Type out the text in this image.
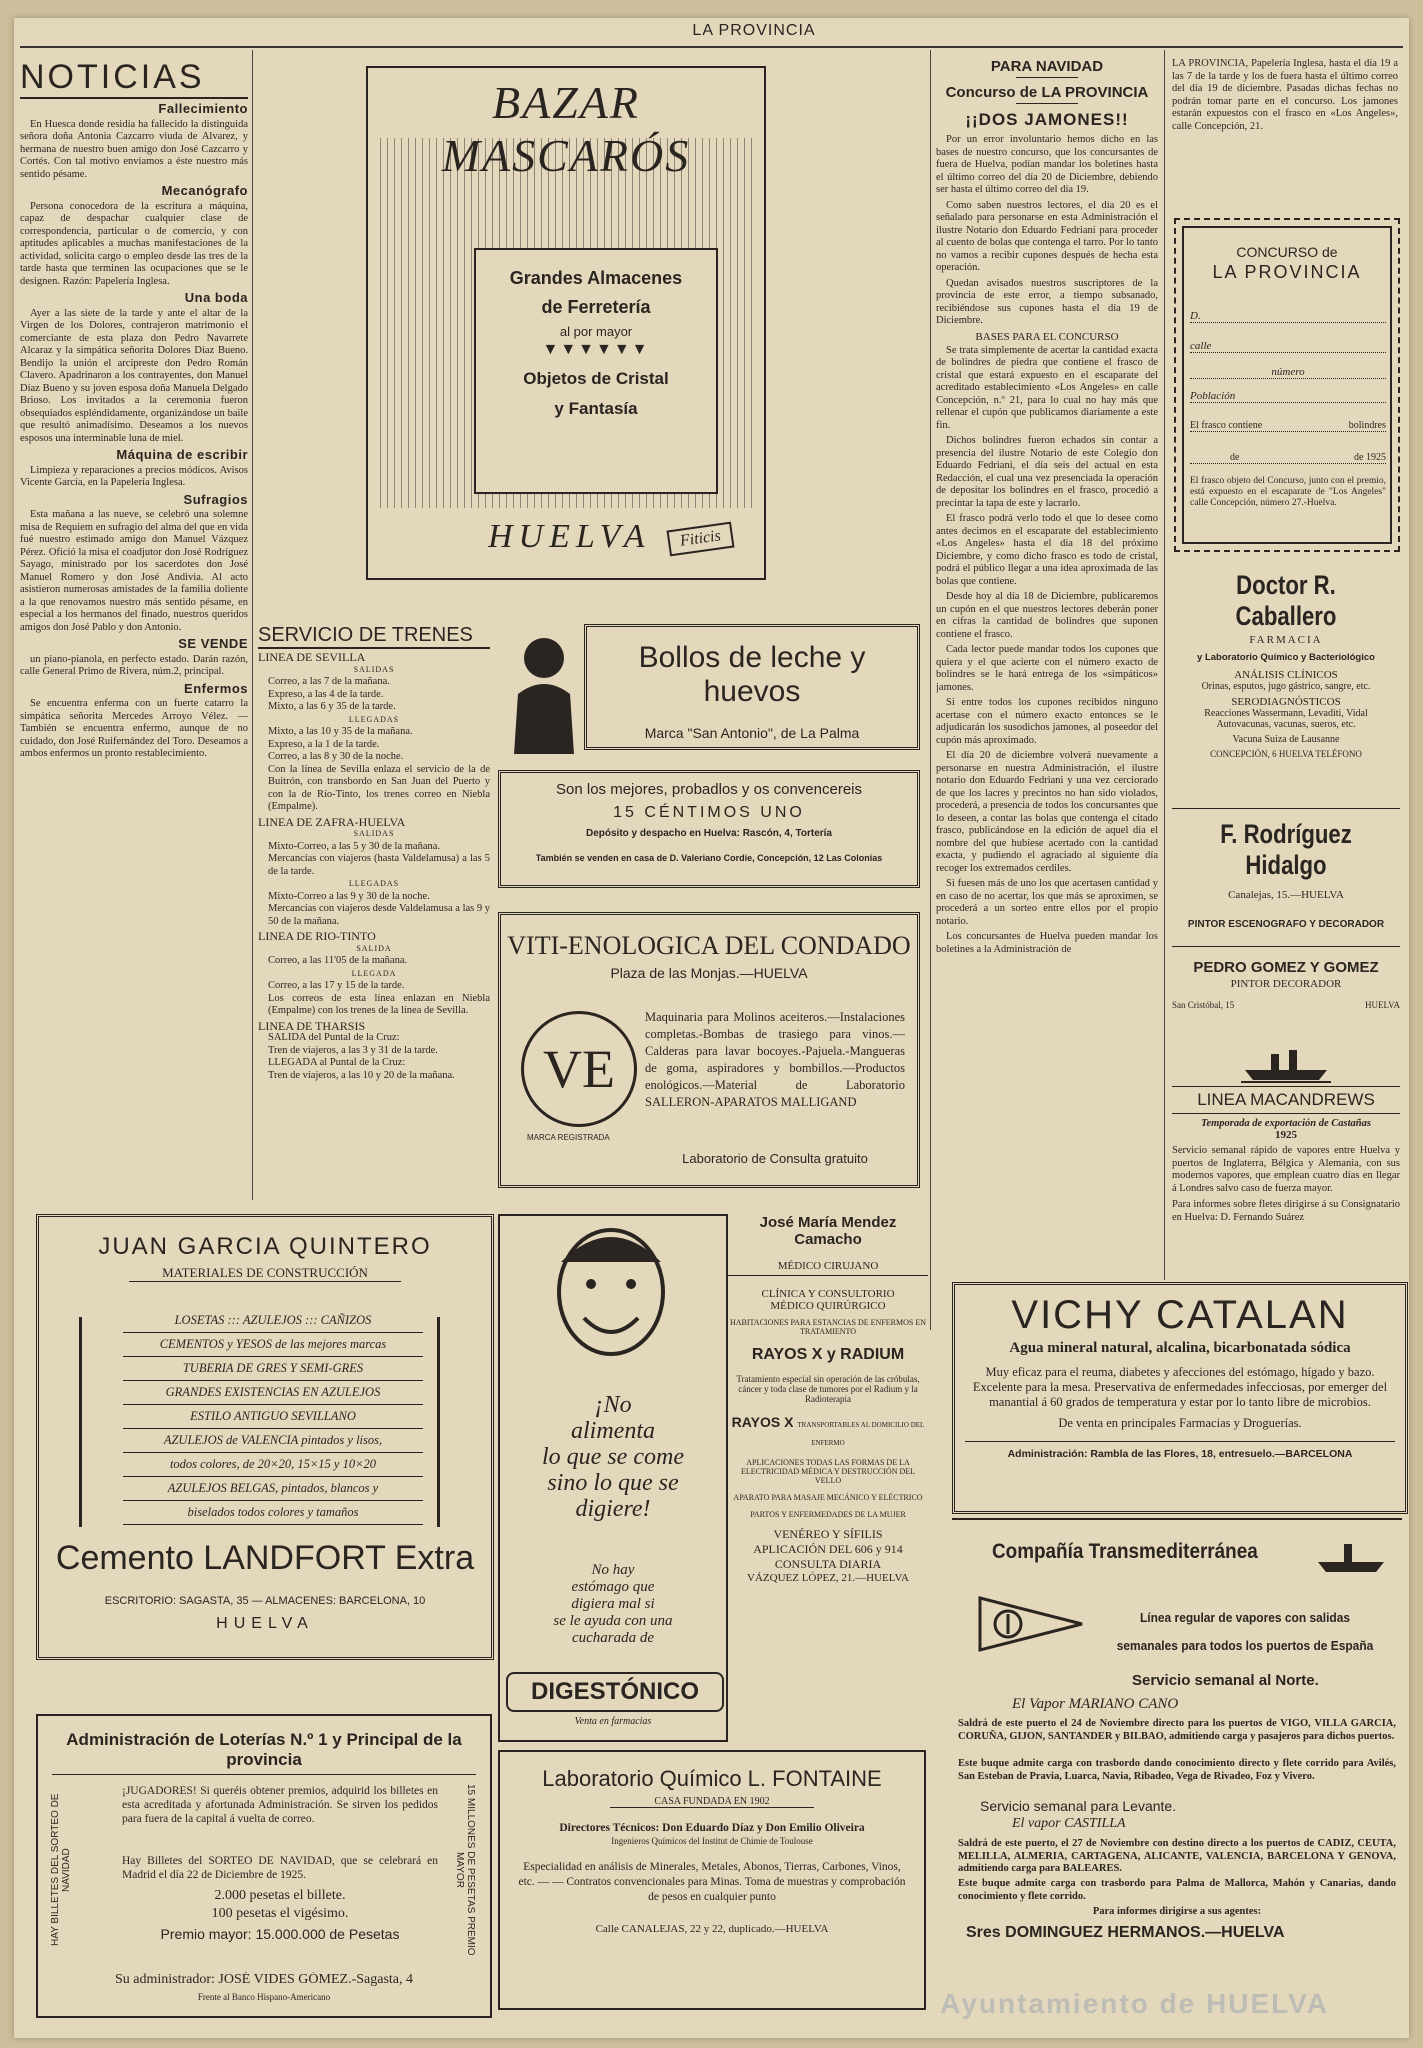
LA PROVINCIA
NOTICIAS
Fallecimiento

En Huesca donde residía ha fallecido la distinguida señora doña Antonia Cazcarro viuda de Alvarez, y hermana de nuestro buen amigo don José Cazcarro y Cortés. Con tal motivo enviamos a éste nuestro más sentido pésame.

Mecanógrafo

Persona conocedora de la escritura a máquina, capaz de despachar cualquier clase de correspondencia, particular o de comercio, y con aptitudes aplicables a muchas manifestaciones de la actividad, solicita cargo o empleo desde las tres de la tarde hasta que terminen las ocupaciones que se le designen. Razón: Papelería Inglesa.

Una boda

Ayer a las siete de la tarde y ante el altar de la Virgen de los Dolores, contrajeron matrimonio el comerciante de esta plaza don Pedro Navarrete Alcaraz y la simpática señorita Dolores Díaz Bueno. Bendijo la unión el arcipreste don Pedro Román Clavero. Apadrinaron a los contrayentes, don Manuel Díaz Bueno y su joven esposa doña Manuela Delgado Brioso. Los invitados a la ceremonia fueron obsequiados espléndidamente, organizándose un baile que resultó animadísimo. Deseamos a los nuevos esposos una interminable luna de miel.

Máquina de escribir

Limpieza y reparaciones a precios módicos. Avisos Vicente García, en la Papelería Inglesa.

Sufragios

Esta mañana a las nueve, se celebró una solemne misa de Requiem en sufragio del alma del que en vida fué nuestro estimado amigo don Manuel Vázquez Pérez. Ofició la misa el coadjutor don José Rodríguez Sayago, ministrado por los sacerdotes don José Manuel Romero y don José Andivia. Al acto asistieron numerosas amistades de la familia doliente a la que renovamos nuestro más sentido pésame, en especial a los hermanos del finado, nuestros queridos amigos don José Pablo y don Antonio.

SE VENDE

un piano-pianola, en perfecto estado. Darán razón, calle General Primo de Rivera, núm.2, principal.

Enfermos

Se encuentra enferma con un fuerte catarro la simpática señorita Mercedes Arroyo Vélez. —También se encuentra enfermo, aunque de no cuidado, don José Ruifernández del Toro. Deseamos a ambos enfermos un pronto restablecimiento.

BAZAR MASCARÓS
Grandes Almacenes
de Ferretería
al por mayor
▼▼▼▼▼▼
Objetos de Cristal
y Fantasía
HUELVA	Fiticis
SERVICIO DE TRENES
LINEA DE SEVILLA
SALIDAS
Correo, a las 7 de la mañana.
Expreso, a las 4 de la tarde.
Mixto, a las 6 y 35 de la tarde.
LLEGADAS
Mixto, a las 10 y 35 de la mañana.
Expreso, a la 1 de la tarde.
Correo, a las 8 y 30 de la noche.
Con la línea de Sevilla enlaza el servicio de la de Buitrón, con transbordo en San Juan del Puerto y con la de Río-Tinto, los trenes correo en Niebla (Empalme).
LINEA DE ZAFRA-HUELVA
SALIDAS
Mixto-Correo, a las 5 y 30 de la mañana.
Mercancías con viajeros (hasta Valdelamusa) a las 5 de la tarde.
LLEGADAS
Mixto-Correo a las 9 y 30 de la noche.
Mercancías con viajeros desde Valdelamusa a las 9 y 50 de la mañana.
LINEA DE RIO-TINTO
SALIDA
Correo, a las 11'05 de la mañana.
LLEGADA
Correo, a las 17 y 15 de la tarde.
Los correos de esta línea enlazan en Niebla (Empalme) con los trenes de la línea de Sevilla.
LINEA DE THARSIS
SALIDA del Puntal de la Cruz:
Tren de viajeros, a las 3 y 31 de la tarde.
LLEGADA al Puntal de la Cruz:
Tren de viajeros, a las 10 y 20 de la mañana.
Bollos de leche y huevos
Marca "San Antonio", de La Palma
Son los mejores, probadlos y os convencereis
15 CÉNTIMOS UNO
Depósito y despacho en Huelva: Rascón, 4, Tortería
También se venden en casa de D. Valeriano Cordie, Concepción, 12 Las Colonias
VITI-ENOLOGICA DEL CONDADO
Plaza de las Monjas.—HUELVA
VE
MARCA REGISTRADA
Maquinaria para Molinos aceiteros.—Instalaciones completas.-Bombas de trasiego para vinos.—Calderas para lavar bocoyes.-Pajuela.-Mangueras de goma, aspiradores y bombillos.—Productos enológicos.—Material de Laboratorio SALLERON-APARATOS MALLIGAND
Laboratorio de Consulta gratuito
JUAN GARCIA QUINTERO
MATERIALES DE CONSTRUCCIÓN
LOSETAS ::: AZULEJOS ::: CAÑIZOS
CEMENTOS y YESOS de las mejores marcas
TUBERIA DE GRES Y SEMI-GRES
GRANDES EXISTENCIAS EN AZULEJOS
ESTILO ANTIGUO SEVILLANO
AZULEJOS de VALENCIA pintados y lisos,
todos colores, de 20×20, 15×15 y 10×20
AZULEJOS BELGAS, pintados, blancos y
biselados todos colores y tamaños
Cemento LANDFORT Extra
ESCRITORIO: SAGASTA, 35 — ALMACENES: BARCELONA, 10
HUELVA
¡No
alimenta
lo que se come
sino lo que se
digiere!
No hay
estómago que
digiera mal si
se le ayuda con una
cucharada de
DIGESTÓNICO
Venta en farmacias
José María Mendez Camacho
MÉDICO CIRUJANO
CLÍNICA Y CONSULTORIO
MÉDICO QUIRÚRGICO
HABITACIONES PARA ESTANCIAS DE ENFERMOS EN TRATAMIENTO
RAYOS X y RADIUM
Tratamiento especial sin operación de las cróbulas, cáncer y toda clase de tumores por el Radium y la Radioterapia
RAYOS X TRANSPORTABLES AL DOMICILIO DEL ENFERMO
APLICACIONES TODAS LAS FORMAS DE LA ELECTRICIDAD MÉDICA Y DESTRUCCIÓN DEL VELLO
APARATO PARA MASAJE MECÁNICO Y ELÉCTRICO
PARTOS Y ENFERMEDADES DE LA MUJER
VENÉREO Y SÍFILIS
APLICACIÓN DEL 606 y 914
CONSULTA DIARIA
VÁZQUEZ LÓPEZ, 21.—HUELVA
Administración de Loterías N.º 1 y Principal de la provincia
HAY BILLETES DEL SORTEO DE NAVIDAD	15 MILLONES DE PESETAS PREMIO MAYOR
¡JUGADORES! Si queréis obtener premios, adquirid los billetes en esta acreditada y afortunada Administración. Se sirven los pedidos para fuera de la capital á vuelta de correo.
Hay Billetes del SORTEO DE NAVIDAD, que se celebrará en Madrid el día 22 de Diciembre de 1925.
2.000 pesetas el billete.
100 pesetas el vigésimo.
Premio mayor: 15.000.000 de Pesetas
Su administrador: JOSÉ VIDES GÓMEZ.-Sagasta, 4
Frente al Banco Hispano-Americano
Laboratorio Químico L. FONTAINE
CASA FUNDADA EN 1902
Directores Técnicos: Don Eduardo Díaz y Don Emilio Oliveira
Ingenieros Químicos del Institut de Chimie de Toulouse
Especialidad en análisis de Minerales, Metales, Abonos, Tierras, Carbones, Vinos, etc. — — Contratos convencionales para Minas. Toma de muestras y comprobación de pesos en cualquier punto
Calle CANALEJAS, 22 y 22, duplicado.—HUELVA
PARA NAVIDAD
Concurso de LA PROVINCIA
¡¡DOS JAMONES!!

Por un error involuntario hemos dicho en las bases de nuestro concurso, que los concursantes de fuera de Huelva, podían mandar los boletines hasta el último correo del día 20 de Diciembre, debiendo ser hasta el último correo del día 19.

Como saben nuestros lectores, el día 20 es el señalado para personarse en esta Administración el ilustre Notario don Eduardo Fedriani para proceder al cuento de bolas que contenga el tarro. Por lo tanto no vamos a recibir cupones después de hecha esta operación.

Quedan avisados nuestros suscriptores de la provincia de este error, a tiempo subsanado, recibiéndose sus cupones hasta el día 19 de Diciembre.

BASES PARA EL CONCURSO

Se trata simplemente de acertar la cantidad exacta de bolindres de piedra que contiene el frasco de cristal que estará expuesto en el escaparate del acreditado establecimiento «Los Angeles» en calle Concepción, n.º 21, para lo cual no hay más que rellenar el cupón que publicamos diariamente a este fin.

Dichos bolindres fueron echados sin contar a presencia del ilustre Notario de este Colegio don Eduardo Fedriani, el día seis del actual en esta Redacción, el cual una vez presenciada la operación de depositar los bolindres en el frasco, procedió a precintar la tapa de este y lacrarlo.

El frasco podrá verlo todo el que lo desee como antes decimos en el escaparate del establecimiento «Los Angeles» hasta el día 18 del próximo Diciembre, y como dicho frasco es todo de cristal, podrá el público llegar a una idea aproximada de las bolas que contiene.

Desde hoy al día 18 de Diciembre, publicaremos un cupón en el que nuestros lectores deberán poner en cifras la cantidad de bolindres que suponen contiene el frasco.

Cada lector puede mandar todos los cupones que quiera y el que acierte con el número exacto de bolindres se le hará entrega de los «simpáticos» jamones.

Si entre todos los cupones recibidos ninguno acertase con el número exacto entonces se le adjudicarán los susodichos jamones, al poseedor del cupón más aproximado.

El día 20 de diciembre volverá nuevamente a personarse en nuestra Administración, el ilustre notario don Eduardo Fedriani y una vez cerciorado de que los lacres y precintos no han sido violados, procederá, a presencia de todos los concursantes que lo deseen, a contar las bolas que contenga el citado frasco, publicándose en la edición de aquel día el nombre del que hubiese acertado con la cantidad exacta, y pudiendo el agraciado al siguiente día recoger los extremados cerdiles.

Si fuesen más de uno los que acertasen cantidad y en caso de no acertar, los que más se aproximen, se procederá a un sorteo entre ellos por el propio notario.

Los concursantes de Huelva pueden mandar los boletines a la Administración de

LA PROVINCIA, Papelería Inglesa, hasta el día 19 a las 7 de la tarde y los de fuera hasta el último correo del día 19 de diciembre. Pasadas dichas fechas no podrán tomar parte en el concurso. Los jamones estarán expuestos con el frasco en «Los Angeles», calle Concepción, 21.
CONCURSO de
LA PROVINCIA
D.
calle
número
Población
El frasco contiene	bolindres
de	de 1925
El frasco objeto del Concurso, junto con el premio, está expuesto en el escaparate de "Los Angeles" calle Concepción, número 27.-Huelva.
Doctor R. Caballero
FARMACIA
y Laboratorio Químico y Bacteriológico
ANÁLISIS CLÍNICOS
Orinas, esputos, jugo gástrico, sangre, etc.
SERODIAGNÓSTICOS
Reacciones Wassermann, Levaditi, Vidal
Autovacunas, vacunas, sueros, etc.
Vacuna Suiza de Lausanne
CONCEPCIÓN, 6 HUELVA TELÉFONO
F. Rodríguez Hidalgo
Canalejas, 15.—HUELVA
PINTOR ESCENOGRAFO Y DECORADOR
PEDRO GOMEZ Y GOMEZ
PINTOR DECORADOR
San Cristóbal, 15	HUELVA
LINEA MACANDREWS
Temporada de exportación de Castañas
1925
Servicio semanal rápido de vapores entre Huelva y puertos de Inglaterra, Bélgica y Alemania, con sus modernos vapores, que emplean cuatro días en llegar á Londres salvo caso de fuerza mayor.
Para informes sobre fletes dirigirse á su Consignatario en Huelva: D. Fernando Suárez
VICHY CATALAN
Agua mineral natural, alcalina, bicarbonatada sódica
Muy eficaz para el reuma, diabetes y afecciones del estómago, hígado y bazo. Excelente para la mesa. Preservativa de enfermedades infecciosas, por emerger del manantial á 60 grados de temperatura y estar por lo tanto libre de microbios.
De venta en principales Farmacias y Droguerías.
Administración: Rambla de las Flores, 18, entresuelo.—BARCELONA
Compañía Transmediterránea
Línea regular de vapores con salidas semanales para todos los puertos de España
Servicio semanal al Norte.
El Vapor MARIANO CANO
Saldrá de este puerto el 24 de Noviembre directo para los puertos de VIGO, VILLA GARCIA, CORUÑA, GIJON, SANTANDER y BILBAO, admitiendo carga y pasajeros para dichos puertos.
Este buque admite carga con trasbordo dando conocimiento directo y flete corrido para Avilés, San Esteban de Pravia, Luarca, Navia, Ribadeo, Vega de Rivadeo, Foz y Vivero.
Servicio semanal para Levante.
El vapor CASTILLA
Saldrá de este puerto, el 27 de Noviembre con destino directo a los puertos de CADIZ, CEUTA, MELILLA, ALMERIA, CARTAGENA, ALICANTE, VALENCIA, BARCELONA Y GENOVA, admitiendo carga para BALEARES.
Este buque admite carga con trasbordo para Palma de Mallorca, Mahón y Canarias, dando conocimiento y flete corrido.
Para informes dirigirse a sus agentes:
Sres DOMINGUEZ HERMANOS.—HUELVA
Ayuntamiento de HUELVA
